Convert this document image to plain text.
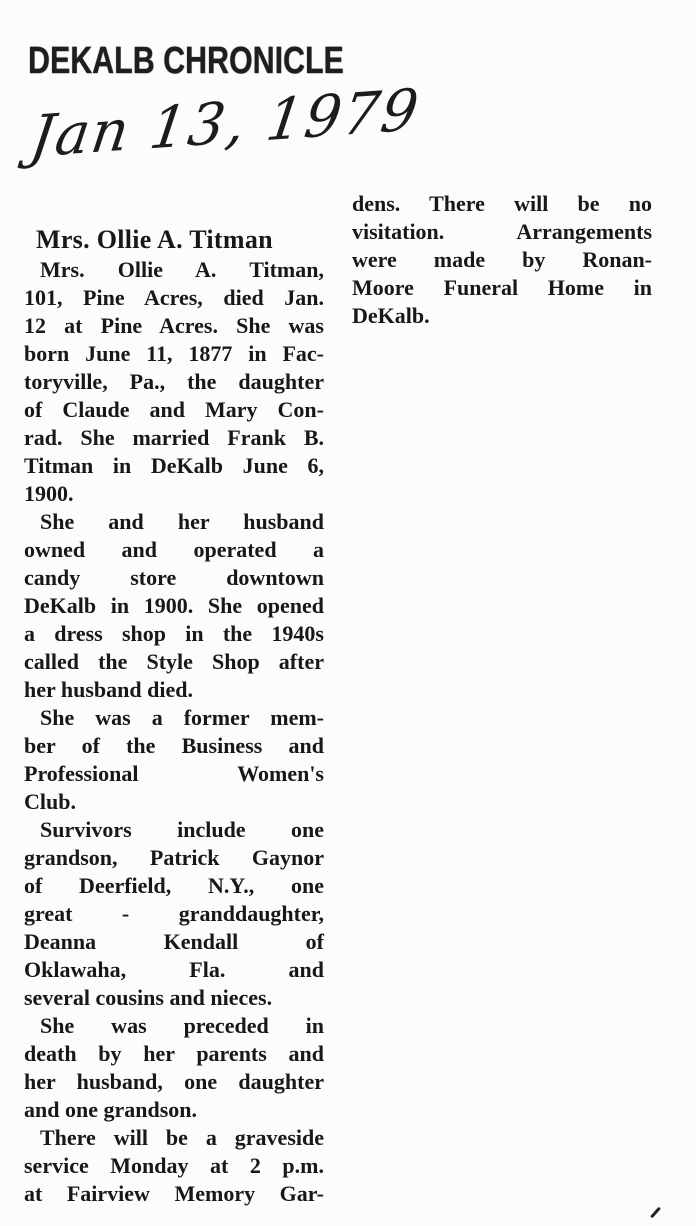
DEKALB CHRONICLE
Jan 13, 1979
Mrs. Ollie A. Titman
Mrs. Ollie A. Titman,
101, Pine Acres, died Jan.
12 at Pine Acres. She was
born June 11, 1877 in Fac-
toryville, Pa., the daughter
of Claude and Mary Con-
rad. She married Frank B.
Titman in DeKalb June 6,
1900.
She and her husband
owned and operated a
candy store downtown
DeKalb in 1900. She opened
a dress shop in the 1940s
called the Style Shop after
her husband died.
She was a former mem-
ber of the Business and
Professional Women's
Club.
Survivors include one
grandson, Patrick Gaynor
of Deerfield, N.Y., one
great - granddaughter,
Deanna Kendall of
Oklawaha, Fla. and
several cousins and nieces.
She was preceded in
death by her parents and
her husband, one daughter
and one grandson.
There will be a graveside
service Monday at 2 p.m.
at Fairview Memory Gar-
dens. There will be no
visitation. Arrangements
were made by Ronan-
Moore Funeral Home in
DeKalb.
